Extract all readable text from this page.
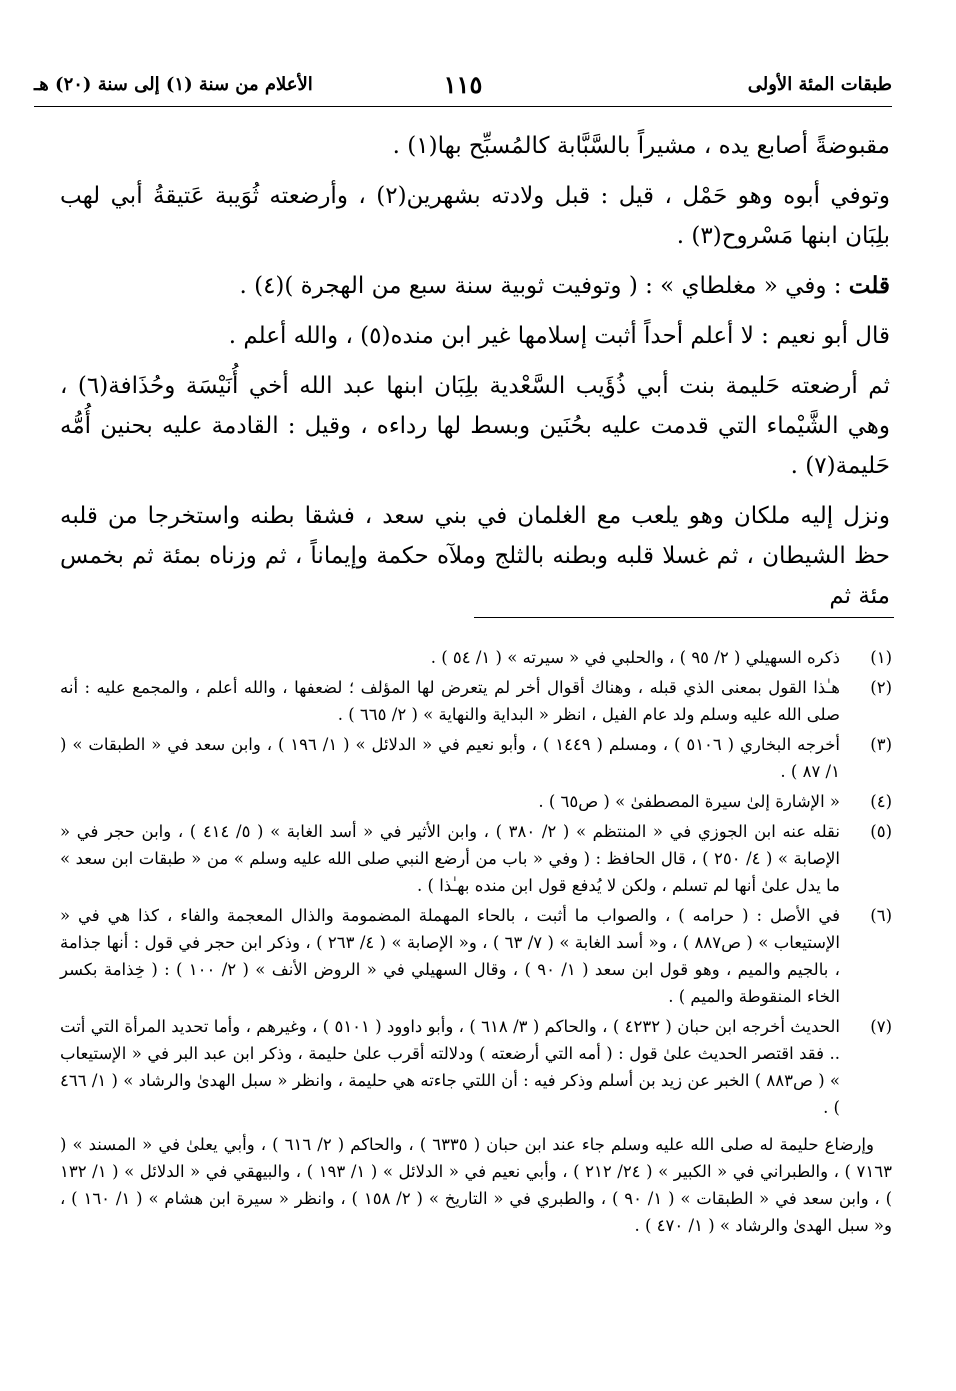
طبقات المئة الأولى
١١٥
الأعلام من سنة (١) إلى سنة (٢٠) هـ

مقبوضةً أصابع يده ، مشيراً بالسَّبَّابة كالمُسبِّح بها(١) .

وتوفي أبوه وهو حَمْل ، قيل : قبل ولادته بشهرين(٢) ، وأرضعته ثُوَيبة عَتيقةُ أبي لهب بلِبَان ابنها مَسْروح(٣) .

قلت : وفي « مغلطاي » : ( وتوفيت ثوبية سنة سبع من الهجرة )(٤) .

قال أبو نعيم : لا أعلم أحداً أثبت إسلامها غير ابن منده(٥) ، والله أعلم .

ثم أرضعته حَليمة بنت أبي ذُؤَيب السَّعْدية بلِبَان ابنها عبد الله أخي أُنَيْسَة وحُذَافة(٦) ، وهي الشَّيْماء التي قدمت عليه بحُنَين وبسط لها رداءه ، وقيل : القادمة عليه بحنين أُمُّه حَليمة(٧) .

ونزل إليه ملكان وهو يلعب مع الغلمان في بني سعد ، فشقا بطنه واستخرجا من قلبه حظ الشيطان ، ثم غسلا قلبه وبطنه بالثلج وملآه حكمة وإيماناً ، ثم وزناه بمئة ثم بخمس مئة ثم

(١)
ذكره السهيلي ( ٢/ ٩٥ ) ، والحلبي في « سيرته » ( ١/ ٥٤ ) .
(٢)
هـٰذا القول بمعنى الذي قبله ، وهناك أقوال أخر لم يتعرض لها المؤلف ؛ لضعفها ، والله أعلم ، والمجمع عليه : أنه صلى الله عليه وسلم ولد عام الفيل ، انظر « البداية والنهاية » ( ٢/ ٦٦٥ ) .
(٣)
أخرجه البخاري ( ٥١٠٦ ) ، ومسلم ( ١٤٤٩ ) ، وأبو نعيم في « الدلائل » ( ١/ ١٩٦ ) ، وابن سعد في « الطبقات » ( ١/ ٨٧ ) .
(٤)
« الإشارة إلىٰ سيرة المصطفىٰ » ( ص٦٥ ) .
(٥)
نقله عنه ابن الجوزي في « المنتظم » ( ٢/ ٣٨٠ ) ، وابن الأثير في « أسد الغابة » ( ٥/ ٤١٤ ) ، وابن حجر في « الإصابة » ( ٤/ ٢٥٠ ) ، قال الحافظ : ( وفي « باب من أرضع النبي صلى الله عليه وسلم » من « طبقات ابن سعد » ما يدل علىٰ أنها لم تسلم ، ولكن لا يُدفع قول ابن منده بهـٰذا ) .
(٦)
في الأصل : ( حرامه ) ، والصواب ما أثبت ، بالحاء المهملة المضمومة والذال المعجمة والفاء ، كذا هي في « الإستيعاب » ( ص٨٨٧ ) ، و« أسد الغابة » ( ٧/ ٦٣ ) ، و« الإصابة » ( ٤/ ٢٦٣ ) ، وذكر ابن حجر في قول : أنها جذامة ، بالجيم والميم ، وهو قول ابن سعد ( ١/ ٩٠ ) ، وقال السهيلي في « الروض الأنف » ( ٢/ ١٠٠ ) : ( خِذامة بكسر الخاء المنقوطة والميم ) .
(٧)
الحديث أخرجه ابن حبان ( ٤٢٣٢ ) ، والحاكم ( ٣/ ٦١٨ ) ، وأبو داوود ( ٥١٠١ ) ، وغيرهم ، وأما تحديد المرأة التي أتت .. فقد اقتصر الحديث علىٰ قول : ( أمه التي أرضعته ) ودلالته أقرب علىٰ حليمة ، وذكر ابن عبد البر في « الإستيعاب » ( ص٨٨٣ ) الخبر عن زيد بن أسلم وذكر فيه : أن اللتي جاءته هي حليمة ، وانظر « سبل الهدىٰ والرشاد » ( ١/ ٤٦٦ ) .
وإرضاع حليمة له صلى الله عليه وسلم جاء عند ابن حبان ( ٦٣٣٥ ) ، والحاكم ( ٢/ ٦١٦ ) ، وأبي يعلىٰ في « المسند » ( ٧١٦٣ ) ، والطبراني في « الكبير » ( ٢٤/ ٢١٢ ) ، وأبي نعيم في « الدلائل » ( ١/ ١٩٣ ) ، والبيهقي في « الدلائل » ( ١/ ١٣٢ ) ، وابن سعد في « الطبقات » ( ١/ ٩٠ ) ، والطبري في « التاريخ » ( ٢/ ١٥٨ ) ، وانظر « سيرة ابن هشام » ( ١/ ١٦٠ ) ، و« سبل الهدىٰ والرشاد » ( ١/ ٤٧٠ ) .
